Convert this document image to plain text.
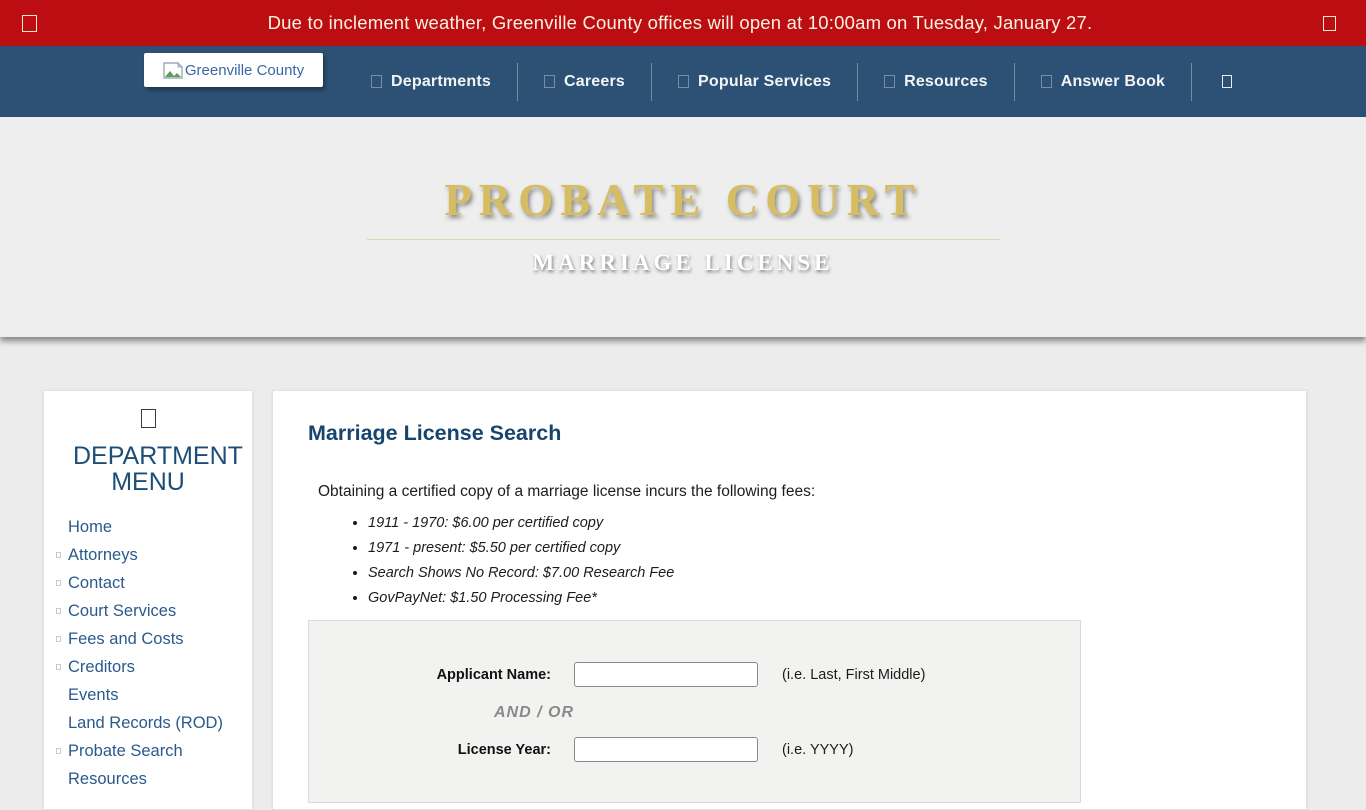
Due to inclement weather, Greenville County offices will open at 10:00am on Tuesday, January 27.
Greenville County
Departments	Careers	Popular Services	Resources	Answer Book
PROBATE COURT
MARRIAGE LICENSE
DEPARTMENT MENU
Home
Attorneys
Contact
Court Services
Fees and Costs
Creditors
Events
Land Records (ROD)
Probate Search
Resources
Marriage License Search

Obtaining a certified copy of a marriage license incurs the following fees:

• 1911 - 1970: $6.00 per certified copy
• 1971 - present: $5.50 per certified copy
• Search Shows No Record: $7.00 Research Fee
• GovPayNet: $1.50 Processing Fee*
Applicant Name:	(i.e. Last, First Middle)
AND / OR
License Year:	(i.e. YYYY)
